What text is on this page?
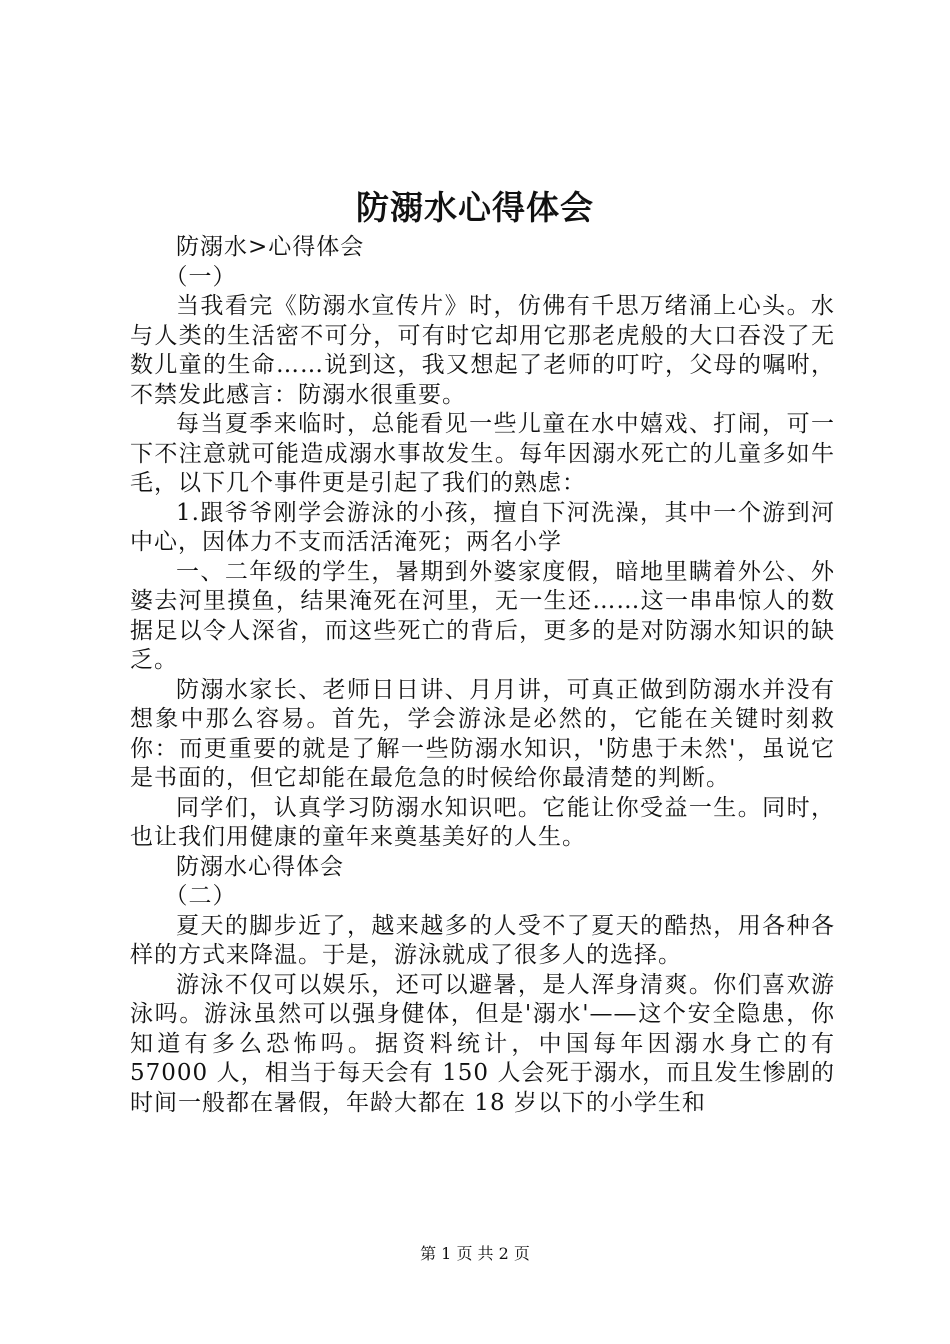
防溺水心得体会

防溺水>心得体会

（一）

当我看完《防溺水宣传片》时，仿佛有千思万绪涌上心头。水与人类的生活密不可分，可有时它却用它那老虎般的大口吞没了无数儿童的生命……说到这，我又想起了老师的叮咛，父母的嘱咐，不禁发此感言：防溺水很重要。

每当夏季来临时，总能看见一些儿童在水中嬉戏、打闹，可一下不注意就可能造成溺水事故发生。每年因溺水死亡的儿童多如牛毛，以下几个事件更是引起了我们的熟虑：

1.跟爷爷刚学会游泳的小孩，擅自下河洗澡，其中一个游到河中心，因体力不支而活活淹死；两名小学

一、二年级的学生，暑期到外婆家度假，暗地里瞒着外公、外婆去河里摸鱼，结果淹死在河里，无一生还……这一串串惊人的数据足以令人深省，而这些死亡的背后，更多的是对防溺水知识的缺乏。

防溺水家长、老师日日讲、月月讲，可真正做到防溺水并没有想象中那么容易。首先，学会游泳是必然的，它能在关键时刻救你：而更重要的就是了解一些防溺水知识，'防患于未然'，虽说它是书面的，但它却能在最危急的时候给你最清楚的判断。

同学们，认真学习防溺水知识吧。它能让你受益一生。同时，也让我们用健康的童年来奠基美好的人生。

防溺水心得体会

（二）

夏天的脚步近了，越来越多的人受不了夏天的酷热，用各种各样的方式来降温。于是，游泳就成了很多人的选择。

游泳不仅可以娱乐，还可以避暑，是人浑身清爽。你们喜欢游泳吗。游泳虽然可以强身健体，但是'溺水'——这个安全隐患，你知道有多么恐怖吗。据资料统计，中国每年因溺水身亡的有 57000 人，相当于每天会有 150 人会死于溺水，而且发生惨剧的时间一般都在暑假，年龄大都在 18 岁以下的小学生和

第 1 页 共 2 页
